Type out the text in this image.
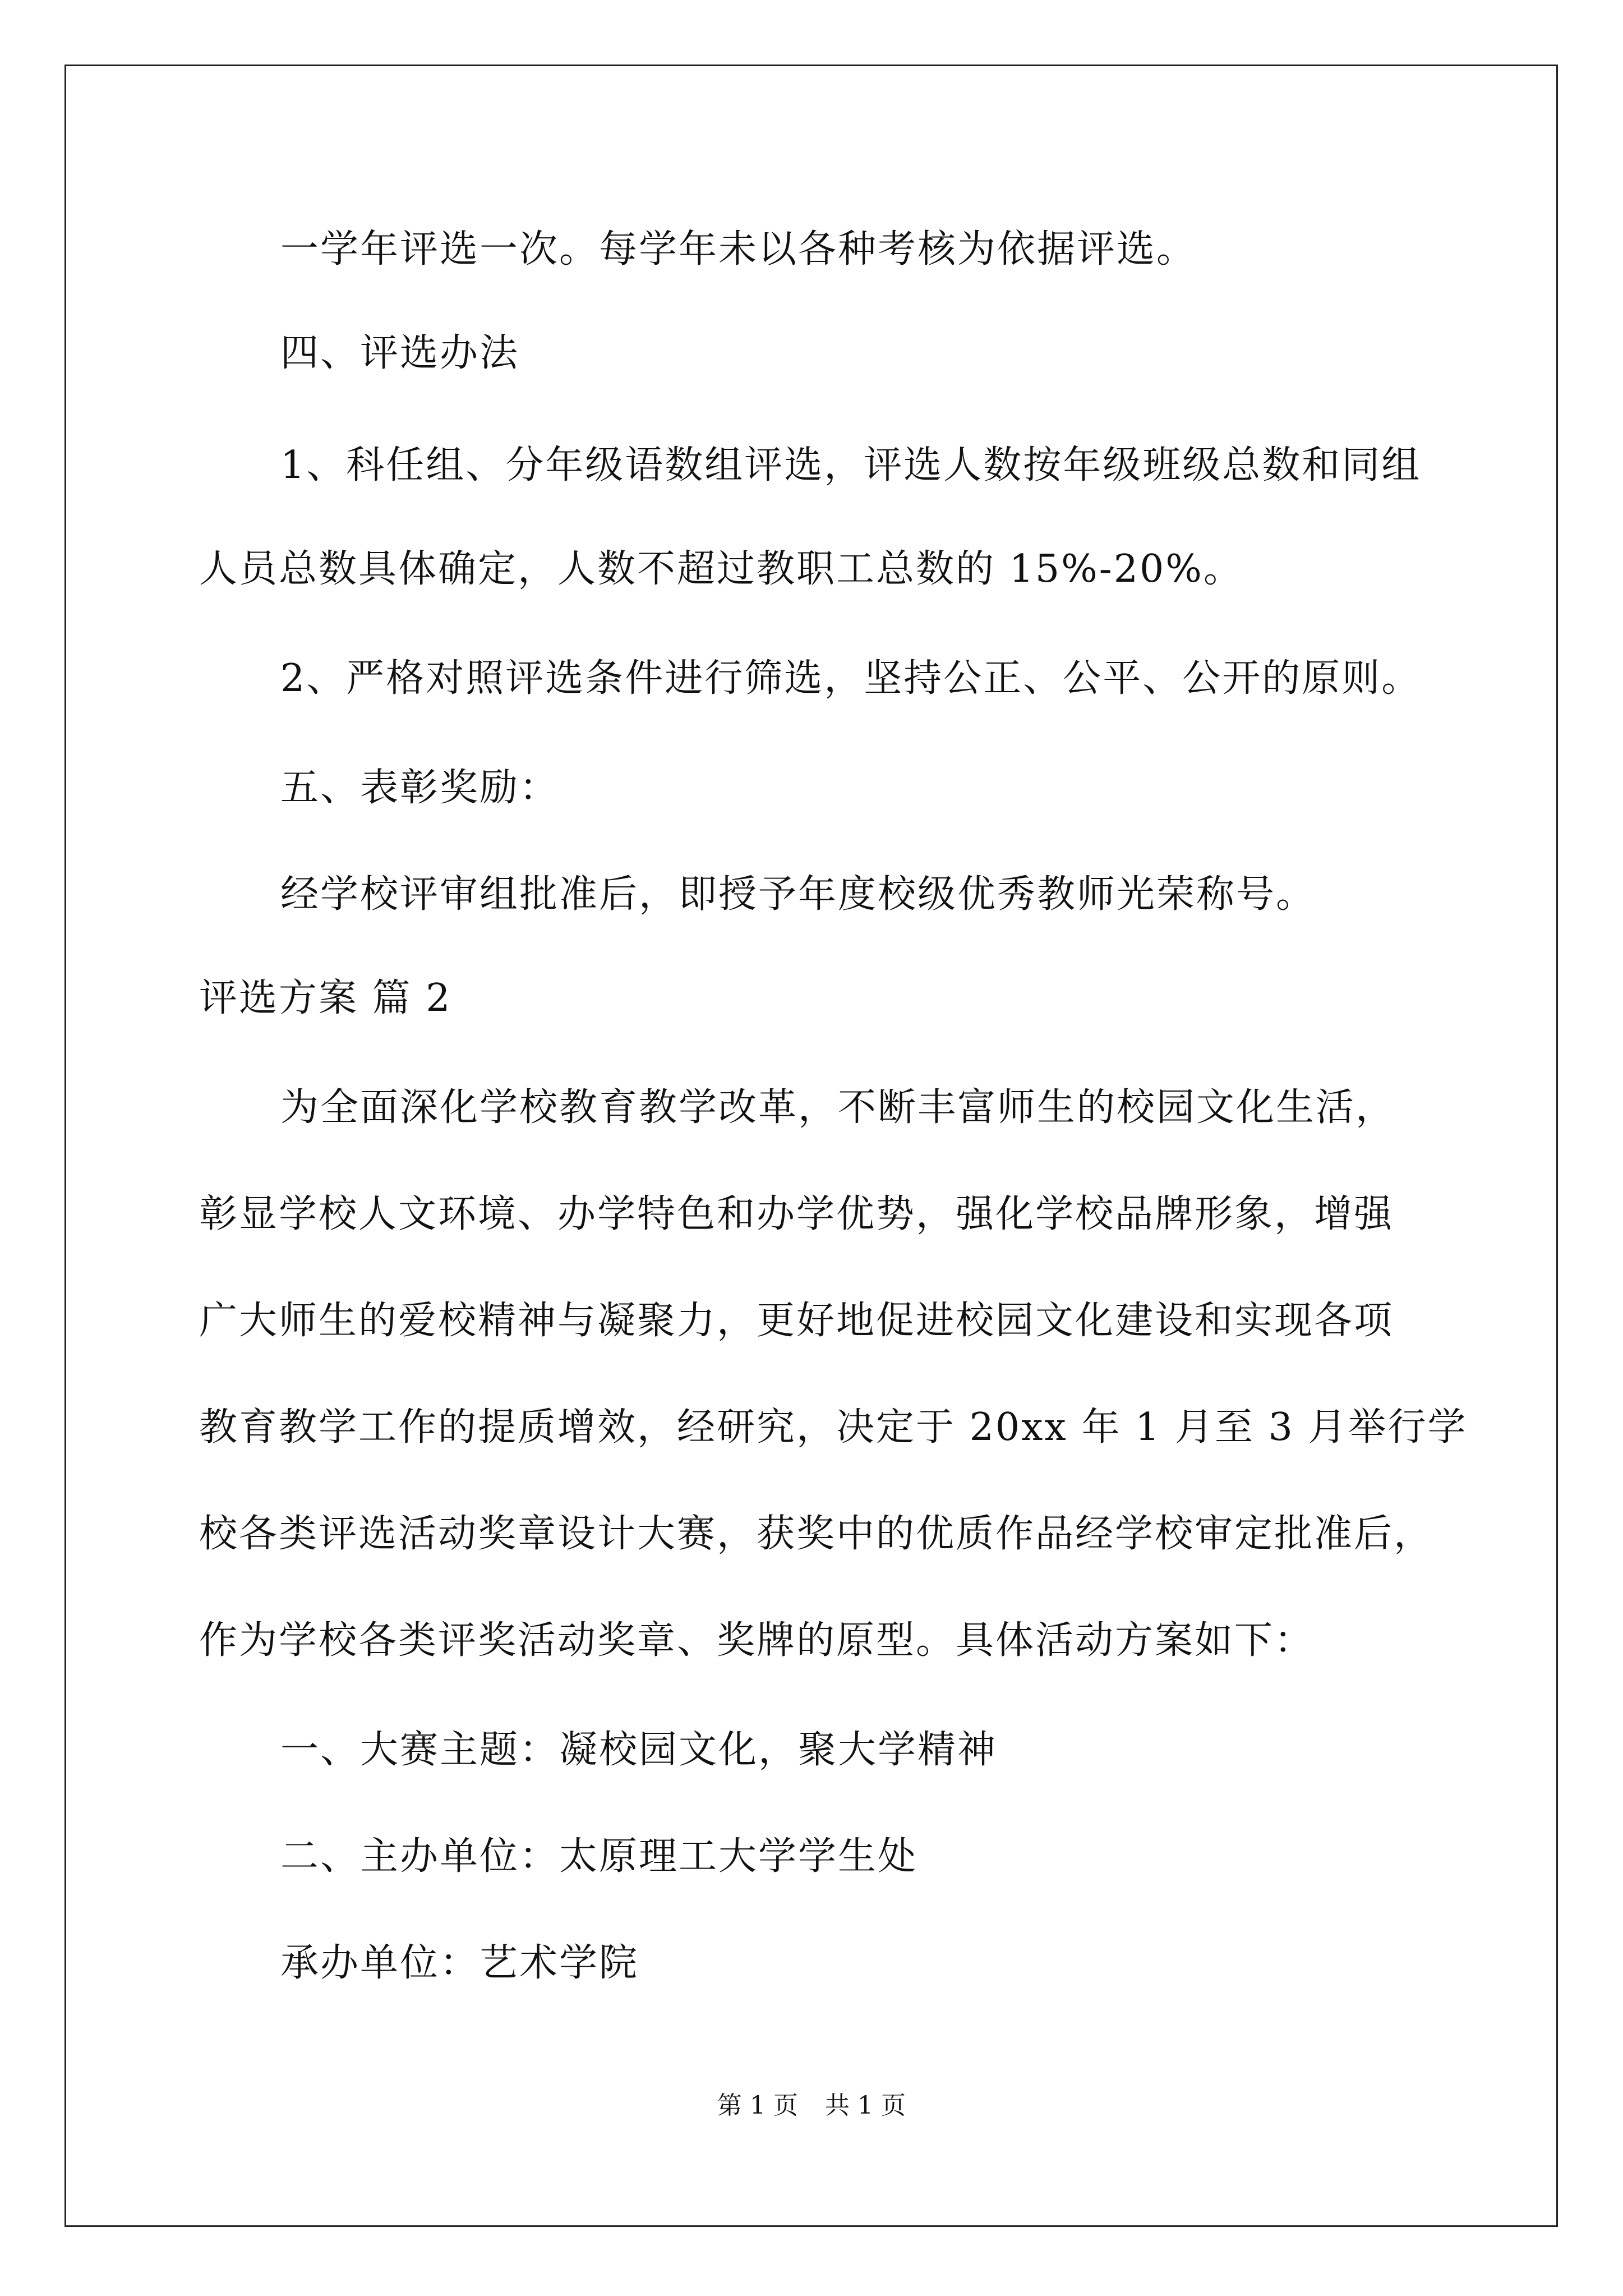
一学年评选一次。每学年未以各种考核为依据评选。
四、评选办法
1、科任组、分年级语数组评选，评选人数按年级班级总数和同组
人员总数具体确定，人数不超过教职工总数的 15%-20%。
2、严格对照评选条件进行筛选，坚持公正、公平、公开的原则。
五、表彰奖励：
经学校评审组批准后，即授予年度校级优秀教师光荣称号。
评选方案 篇 2
为全面深化学校教育教学改革，不断丰富师生的校园文化生活，
彰显学校人文环境、办学特色和办学优势，强化学校品牌形象，增强
广大师生的爱校精神与凝聚力，更好地促进校园文化建设和实现各项
教育教学工作的提质增效，经研究，决定于 20xx 年 1 月至 3 月举行学
校各类评选活动奖章设计大赛，获奖中的优质作品经学校审定批准后，
作为学校各类评奖活动奖章、奖牌的原型。具体活动方案如下：
一、大赛主题：凝校园文化，聚大学精神
二、主办单位：太原理工大学学生处
承办单位：艺术学院
第 1 页 共 1 页
